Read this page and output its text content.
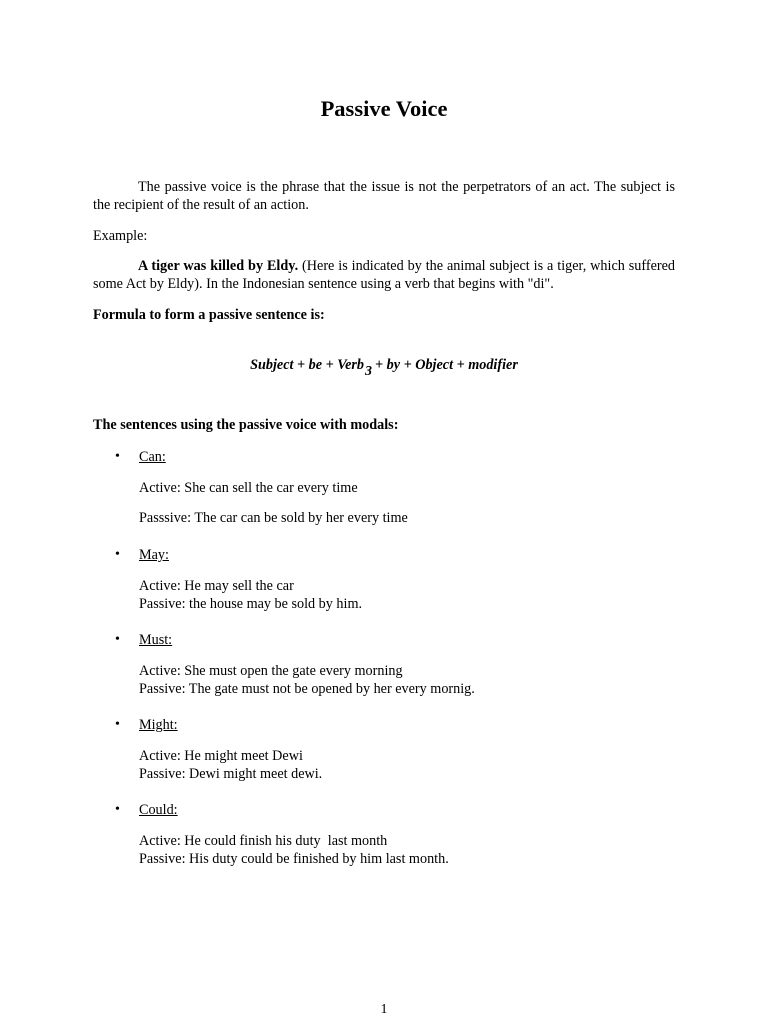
Passive Voice
The passive voice is the phrase that the issue is not the perpetrators of an act. The subject is the recipient of the result of an action.
Example:
A tiger was killed by Eldy. (Here is indicated by the animal subject is a tiger, which suffered some Act by Eldy). In the Indonesian sentence using a verb that begins with "di".
Formula to form a passive sentence is:
Subject + be + Verb3 + by + Object + modifier
The sentences using the passive voice with modals:
•	Can:
Active: She can sell the car every time
Passsive: The car can be sold by her every time
•	May:
Active: He may sell the car
Passive: the house may be sold by him.
•	Must:
Active: She must open the gate every morning
Passive: The gate must not be opened by her every mornig.
•	Might:
Active: He might meet Dewi
Passive: Dewi might meet dewi.
•	Could:
Active: He could finish his duty  last month
Passive: His duty could be finished by him last month.
1
